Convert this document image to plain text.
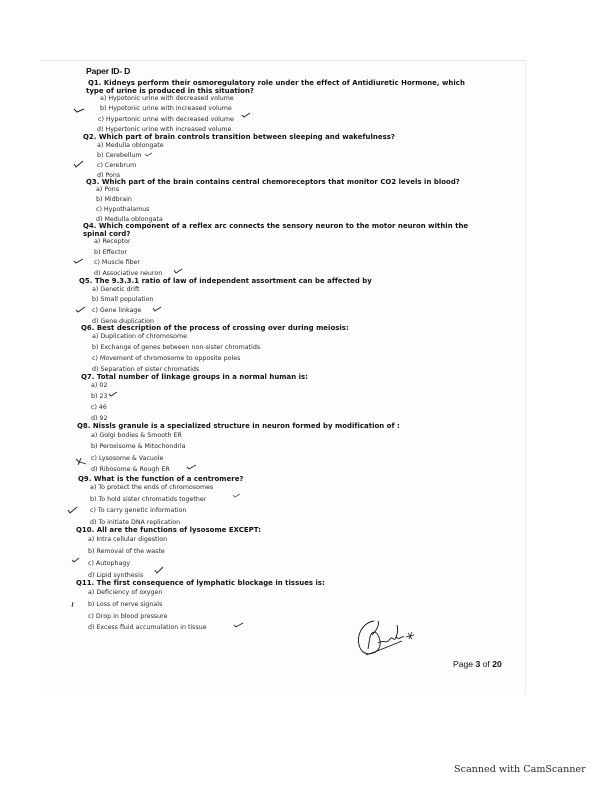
Paper ID- D
Q1. Kidneys perform their osmoregulatory role under the effect of Antidiuretic Hormone, which
type of urine is produced in this situation?
a) Hypotonic urine with decreased volume
b) Hypotonic urine with increased volume
c) Hypertonic urine with decreased volume
d) Hypertonic urine with increased volume
Q2. Which part of brain controls transition between sleeping and wakefulness?
a) Medulla oblongate
b) Cerebellum
c) Cerebrum
d) Pons
Q3. Which part of the brain contains central chemoreceptors that monitor CO2 levels in blood?
a) Pons
b) Midbrain
c) Hypothalamus
d) Medulla oblongata
Q4. Which component of a reflex arc connects the sensory neuron to the motor neuron within the
spinal cord?
a) Receptor
b) Effector
c) Muscle fiber
d) Associative neuron
Q5. The 9.3.3.1 ratio of law of independent assortment can be affected by
a) Genetic drift
b) Small population
c) Gene linkage
d) Gene duplication
Q6. Best description of the process of crossing over during meiosis:
a) Duplication of chromosome
b) Exchange of genes between non-sister chromatids
c) Movement of chromosome to opposite poles
d) Separation of sister chromatids
Q7. Total number of linkage groups in a normal human is:
a) 02
b) 23
c) 46
d) 92
Q8. Nissls granule is a specialized structure in neuron formed by modification of :
a) Golgi bodies & Smooth ER
b) Peroxisome & Mitochondria
c) Lysosome & Vacuole
d) Ribosome & Rough ER
Q9. What is the function of a centromere?
a) To protect the ends of chromosomes
b) To hold sister chromatids together
c) To carry genetic information
d) To initiate DNA replication
Q10. All are the functions of lysosome EXCEPT:
a) Intra cellular digestion
b) Removal of the waste
c) Autophagy
d) Lipid synthesis
Q11. The first consequence of lymphatic blockage in tissues is:
a) Deficiency of oxygen
b) Loss of nerve signals
c) Drop in blood pressure
d) Excess fluid accumulation in tissue
Page 3 of 20
Scanned with CamScanner
